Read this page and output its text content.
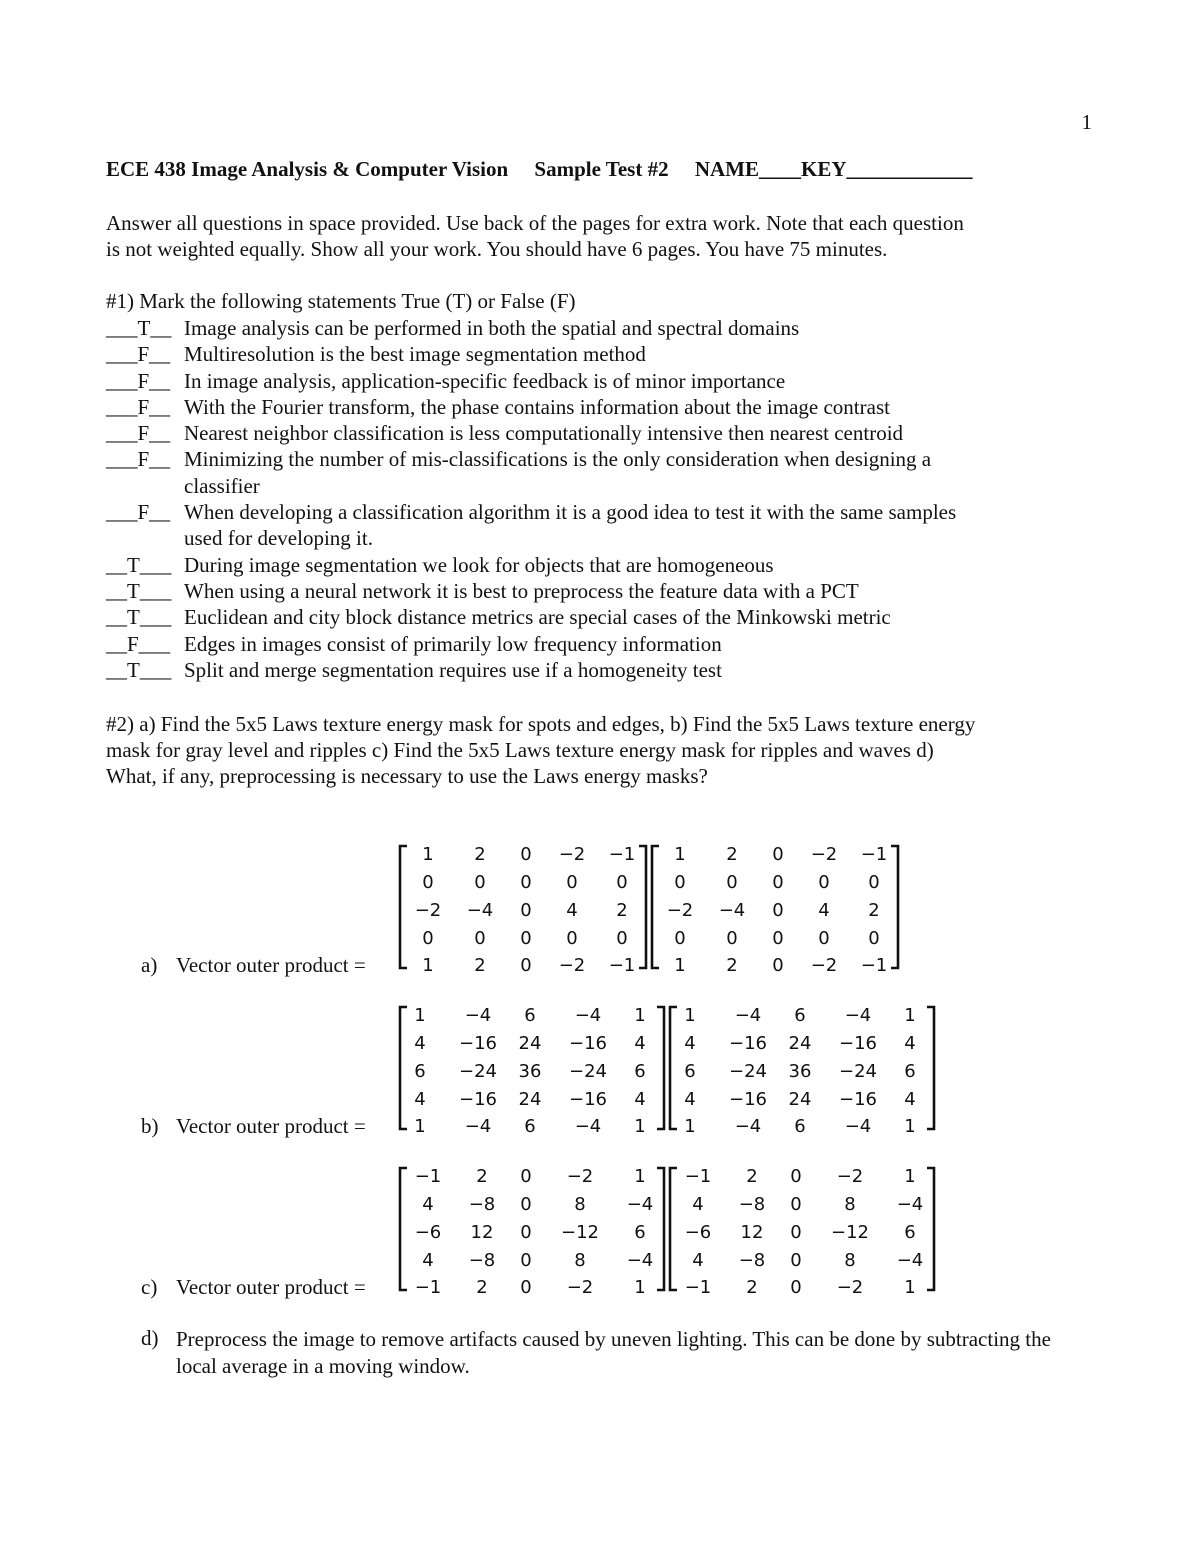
1
ECE 438 Image Analysis & Computer Vision     Sample Test #2     NAME____KEY____________
Answer all questions in space provided. Use back of the pages for extra work. Note that each question
is not weighted equally. Show all your work. You should have 6 pages. You have 75 minutes.
#1) Mark the following statements True (T) or False (F)
___T__ Image analysis can be performed in both the spatial and spectral domains
___F__ Multiresolution is the best image segmentation method
___F__ In image analysis, application-specific feedback is of minor importance
___F__ With the Fourier transform, the phase contains information about the image contrast
___F__ Nearest neighbor classification is less computationally intensive then nearest centroid
___F__ Minimizing the number of mis-classifications is the only consideration when designing a
classifier
___F__ When developing a classification algorithm it is a good idea to test it with the same samples
used for developing it.
__T___ During image segmentation we look for objects that are homogeneous
__T___ When using a neural network it is best to preprocess the feature data with a PCT
__T___ Euclidean and city block distance metrics are special cases of the Minkowski metric
__F___ Edges in images consist of primarily low frequency information
__T___ Split and merge segmentation requires use if a homogeneity test
#2) a) Find the 5x5 Laws texture energy mask for spots and edges, b) Find the 5x5 Laws texture energy
mask for gray level and ripples c) Find the 5x5 Laws texture energy mask for ripples and waves d)
What, if any, preprocessing is necessary to use the Laws energy masks?
a) Vector outer product =
1 2 0 −2 −1
0 0 0 0 0
−2 −4 0 4 2
0 0 0 0 0
1 2 0 −2 −1
1 2 0 −2 −1
0 0 0 0 0
−2 −4 0 4 2
0 0 0 0 0
1 2 0 −2 −1
b) Vector outer product =
1 −4 6 −4 1
4 −16 24 −16 4
6 −24 36 −24 6
4 −16 24 −16 4
1 −4 6 −4 1
1 −4 6 −4 1
4 −16 24 −16 4
6 −24 36 −24 6
4 −16 24 −16 4
1 −4 6 −4 1
c) Vector outer product =
−1 2 0 −2 1
4 −8 0 8 −4
−6 12 0 −12 6
4 −8 0 8 −4
−1 2 0 −2 1
−1 2 0 −2 1
4 −8 0 8 −4
−6 12 0 −12 6
4 −8 0 8 −4
−1 2 0 −2 1
d) Preprocess the image to remove artifacts caused by uneven lighting. This can be done by subtracting the local average in a moving window.
